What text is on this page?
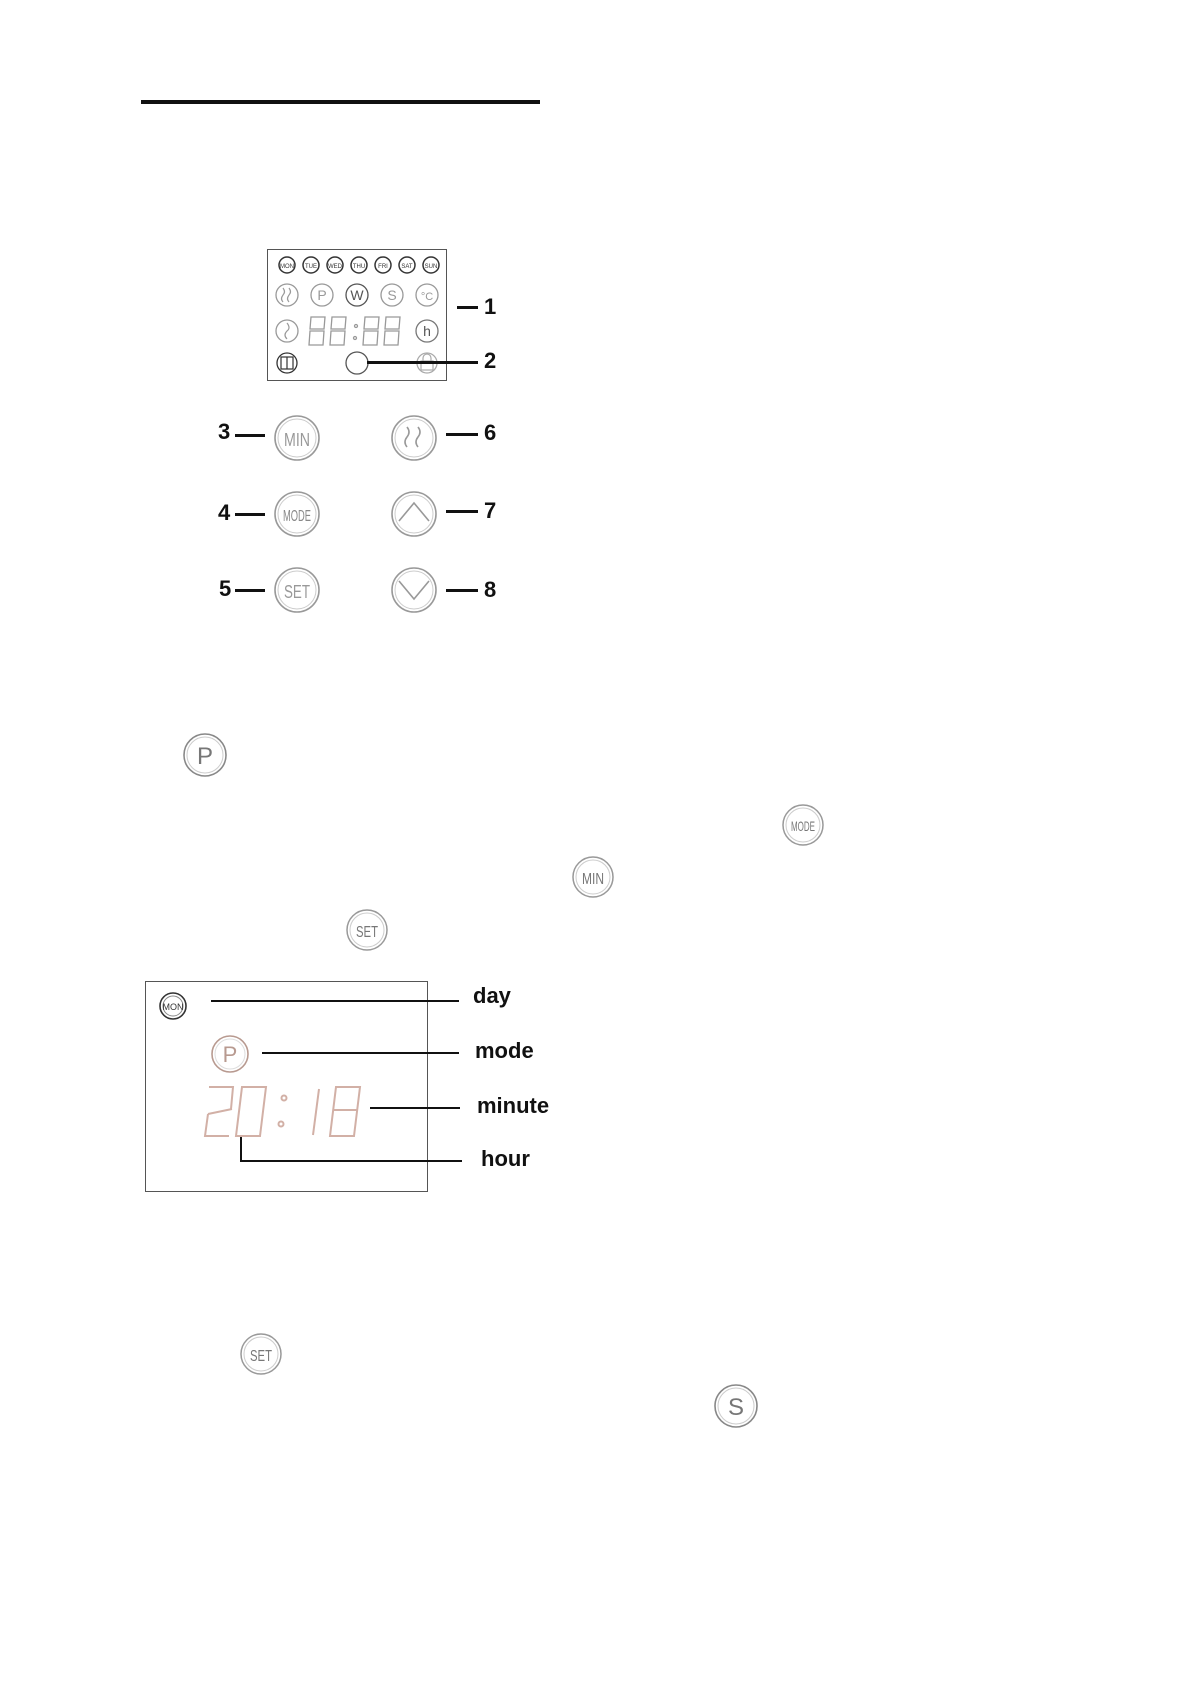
MON TUE WED THU FRI SAT SUN
P W S °C
h
1
2
MIN
MODE
SET
3
4
5
6
7
8
P
MODE
MIN
SET
MON
P
day
mode
minute
hour
SET
S
